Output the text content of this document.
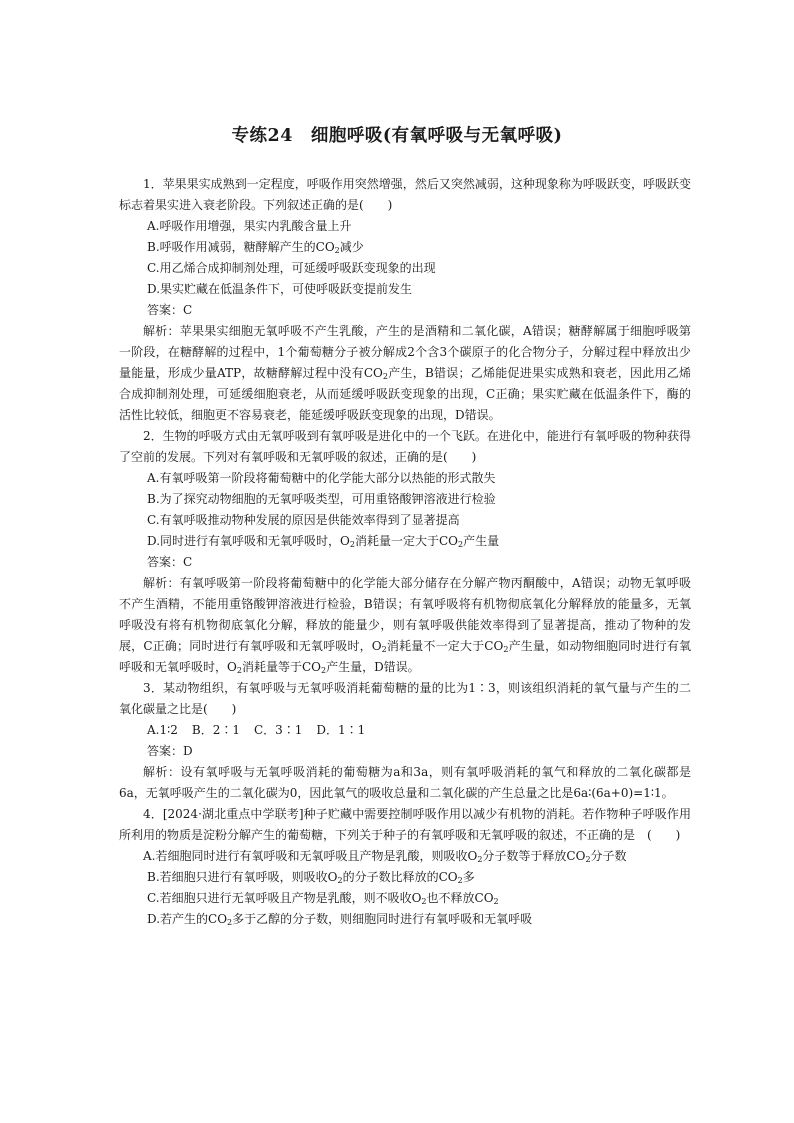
专练24　细胞呼吸(有氧呼吸与无氧呼吸)

1．苹果果实成熟到一定程度，呼吸作用突然增强，然后又突然减弱，这种现象称为呼吸跃变，呼吸跃变标志着果实进入衰老阶段。下列叙述正确的是(　　)

A.呼吸作用增强，果实内乳酸含量上升

B.呼吸作用减弱，糖酵解产生的$CO_2$减少

C.用乙烯合成抑制剂处理，可延缓呼吸跃变现象的出现

D.果实贮藏在低温条件下，可使呼吸跃变提前发生

答案：C

解析：苹果果实细胞无氧呼吸不产生乳酸，产生的是酒精和二氧化碳，A错误；糖酵解属于细胞呼吸第一阶段，在糖酵解的过程中，1个葡萄糖分子被分解成2个含3个碳原子的化合物分子，分解过程中释放出少量能量，形成少量ATP，故糖酵解过程中没有$CO_2$产生，B错误；乙烯能促进果实成熟和衰老，因此用乙烯合成抑制剂处理，可延缓细胞衰老，从而延缓呼吸跃变现象的出现，C正确；果实贮藏在低温条件下，酶的活性比较低，细胞更不容易衰老，能延缓呼吸跃变现象的出现，D错误。

2．生物的呼吸方式由无氧呼吸到有氧呼吸是进化中的一个飞跃。在进化中，能进行有氧呼吸的物种获得了空前的发展。下列对有氧呼吸和无氧呼吸的叙述，正确的是(　　)

A.有氧呼吸第一阶段将葡萄糖中的化学能大部分以热能的形式散失

B.为了探究动物细胞的无氧呼吸类型，可用重铬酸钾溶液进行检验

C.有氧呼吸推动物种发展的原因是供能效率得到了显著提高

D.同时进行有氧呼吸和无氧呼吸时，$O_2$消耗量一定大于$CO_2$产生量

答案：C

解析：有氧呼吸第一阶段将葡萄糖中的化学能大部分储存在分解产物丙酮酸中，A错误；动物无氧呼吸不产生酒精，不能用重铬酸钾溶液进行检验，B错误；有氧呼吸将有机物彻底氧化分解释放的能量多，无氧呼吸没有将有机物彻底氧化分解，释放的能量少，则有氧呼吸供能效率得到了显著提高，推动了物种的发展，C正确；同时进行有氧呼吸和无氧呼吸时，$O_2$消耗量不一定大于$CO_2$产生量，如动物细胞同时进行有氧呼吸和无氧呼吸时，$O_2$消耗量等于$CO_2$产生量，D错误。

3．某动物组织，有氧呼吸与无氧呼吸消耗葡萄糖的量的比为1∶3，则该组织消耗的氧气量与产生的二氧化碳量之比是(　　)

A.1∶2 B．2∶1 C．3∶1 D．1∶1

答案：D

解析：设有氧呼吸与无氧呼吸消耗的葡萄糖为a和3a，则有氧呼吸消耗的氧气和释放的二氧化碳都是6a，无氧呼吸产生的二氧化碳为0，因此氧气的吸收总量和二氧化碳的产生总量之比是6a∶(6a+0)=1∶1。

4．[2024·湖北重点中学联考]种子贮藏中需要控制呼吸作用以减少有机物的消耗。若作物种子呼吸作用所利用的物质是淀粉分解产生的葡萄糖，下列关于种子的有氧呼吸和无氧呼吸的叙述，不正确的是　(　　)

A.若细胞同时进行有氧呼吸和无氧呼吸且产物是乳酸，则吸收$O_2$分子数等于释放$CO_2$分子数

B.若细胞只进行有氧呼吸，则吸收$O_2$的分子数比释放的$CO_2$多

C.若细胞只进行无氧呼吸且产物是乳酸，则不吸收$O_2$也不释放$CO_2$

D.若产生的$CO_2$多于乙醇的分子数，则细胞同时进行有氧呼吸和无氧呼吸
